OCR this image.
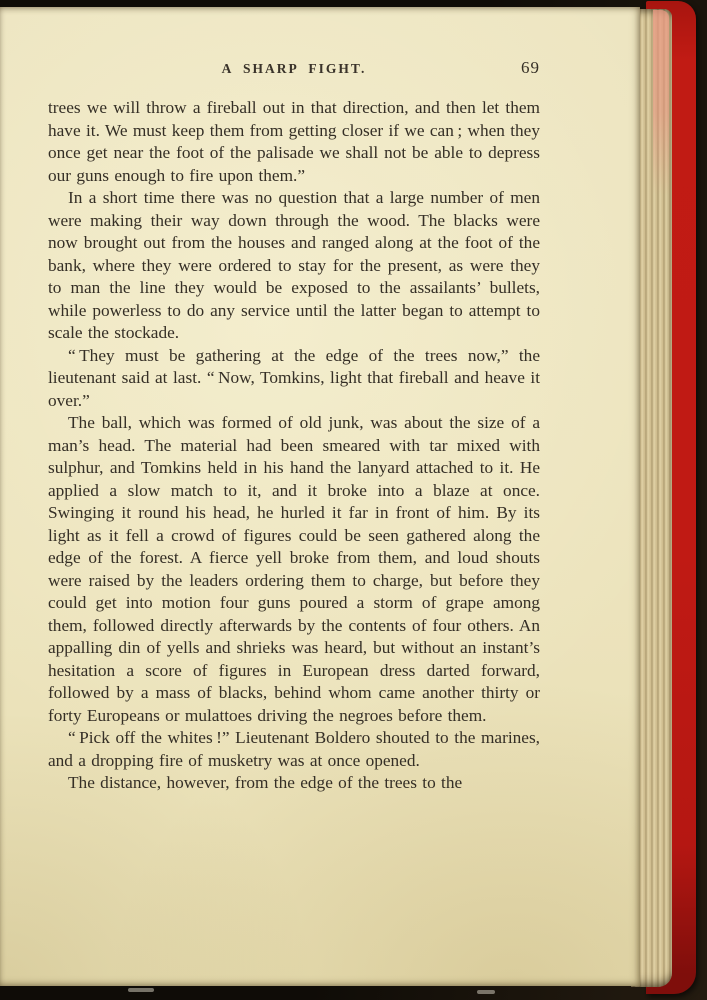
A SHARP FIGHT.	69

trees we will throw a fireball out in that direction, and then let them have it. We must keep them from getting closer if we can ; when they once get near the foot of the palisade we shall not be able to depress our guns enough to fire upon them.”

In a short time there was no question that a large number of men were making their way down through the wood. The blacks were now brought out from the houses and ranged along at the foot of the bank, where they were ordered to stay for the present, as were they to man the line they would be exposed to the assailants’ bullets, while powerless to do any service until the latter began to attempt to scale the stockade.

“ They must be gathering at the edge of the trees now,” the lieutenant said at last. “ Now, Tomkins, light that fireball and heave it over.”

The ball, which was formed of old junk, was about the size of a man’s head. The material had been smeared with tar mixed with sulphur, and Tomkins held in his hand the lanyard attached to it. He applied a slow match to it, and it broke into a blaze at once. Swinging it round his head, he hurled it far in front of him. By its light as it fell a crowd of figures could be seen gathered along the edge of the forest. A fierce yell broke from them, and loud shouts were raised by the leaders ordering them to charge, but before they could get into motion four guns poured a storm of grape among them, followed directly afterwards by the contents of four others. An appalling din of yells and shrieks was heard, but without an instant’s hesitation a score of figures in European dress darted forward, followed by a mass of blacks, behind whom came another thirty or forty Europeans or mulattoes driving the negroes before them.

“ Pick off the whites !” Lieutenant Boldero shouted to the marines, and a dropping fire of musketry was at once opened.

The distance, however, from the edge of the trees to the
